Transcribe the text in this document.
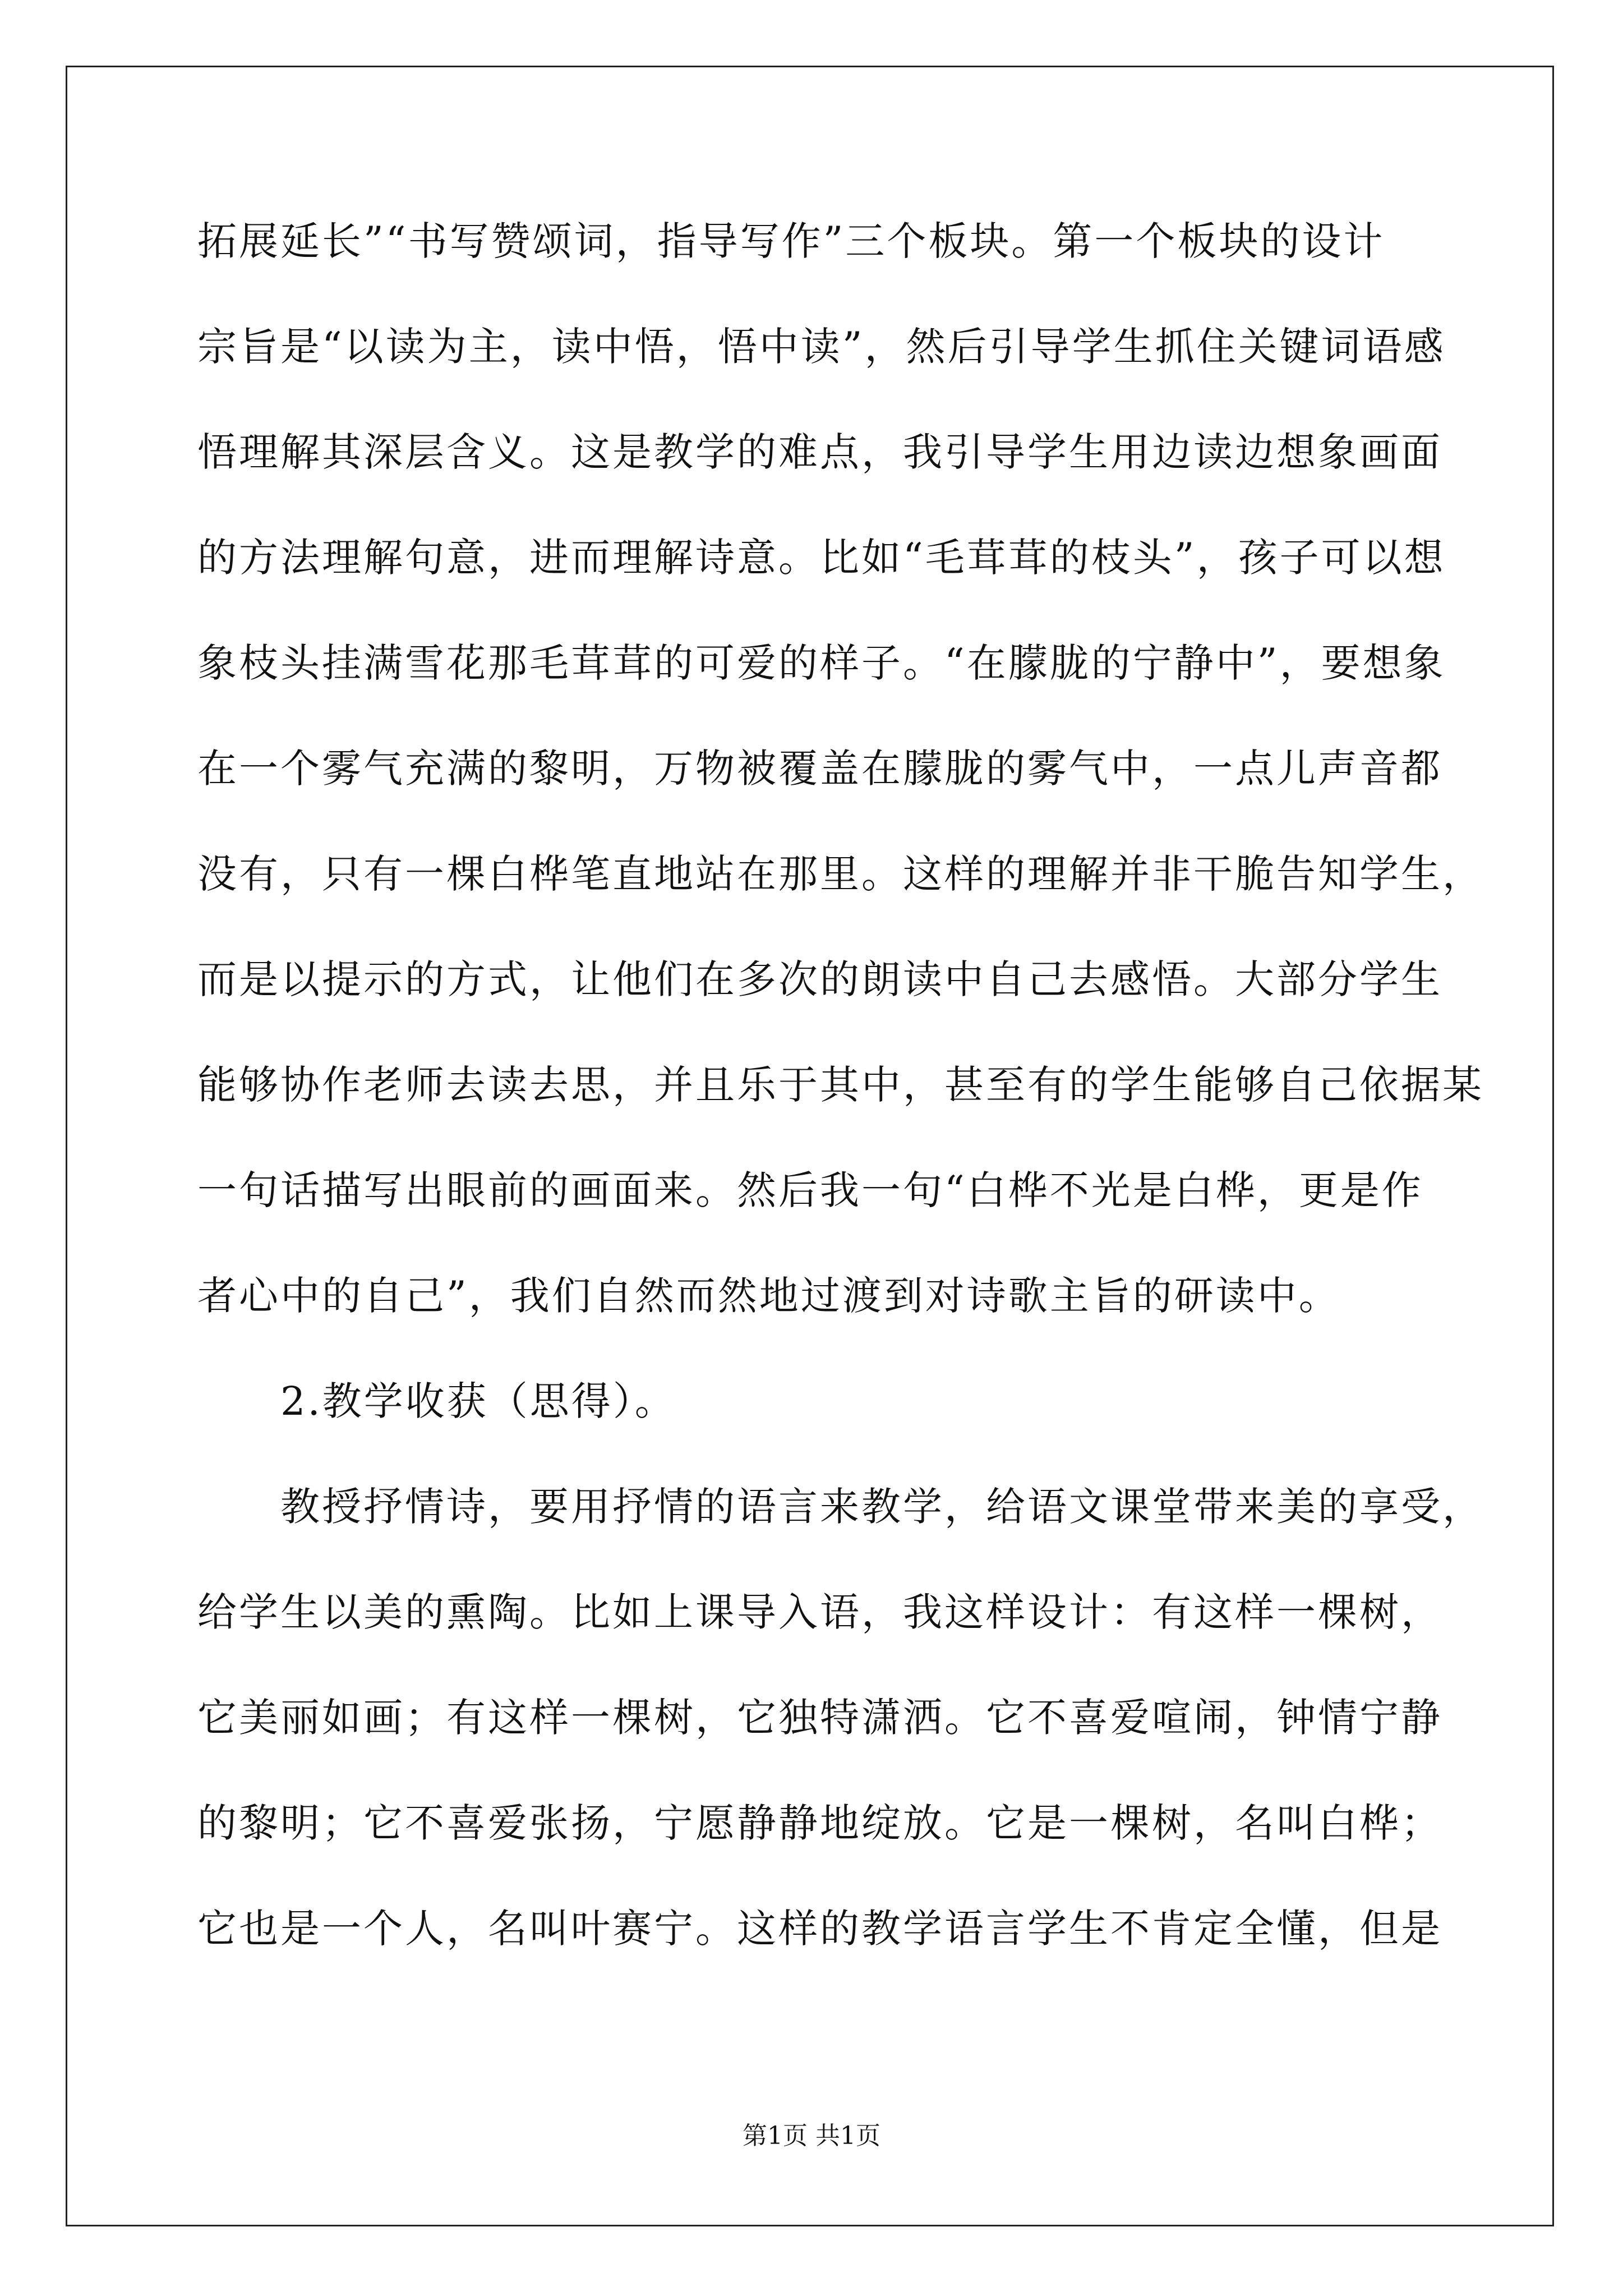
拓展延长”“书写赞颂词，指导写作”三个板块。第一个板块的设计
宗旨是“以读为主，读中悟，悟中读”，然后引导学生抓住关键词语感
悟理解其深层含义。这是教学的难点，我引导学生用边读边想象画面
的方法理解句意，进而理解诗意。比如“毛茸茸的枝头”，孩子可以想
象枝头挂满雪花那毛茸茸的可爱的样子。“在朦胧的宁静中”，要想象
在一个雾气充满的黎明，万物被覆盖在朦胧的雾气中，一点儿声音都
没有，只有一棵白桦笔直地站在那里。这样的理解并非干脆告知学生，
而是以提示的方式，让他们在多次的朗读中自己去感悟。大部分学生
能够协作老师去读去思，并且乐于其中，甚至有的学生能够自己依据某
一句话描写出眼前的画面来。然后我一句“白桦不光是白桦，更是作
者心中的自己”，我们自然而然地过渡到对诗歌主旨的研读中。
2.教学收获（思得）。
教授抒情诗，要用抒情的语言来教学，给语文课堂带来美的享受，
给学生以美的熏陶。比如上课导入语，我这样设计：有这样一棵树，
它美丽如画；有这样一棵树，它独特潇洒。它不喜爱喧闹，钟情宁静
的黎明；它不喜爱张扬，宁愿静静地绽放。它是一棵树，名叫白桦；
它也是一个人，名叫叶赛宁。这样的教学语言学生不肯定全懂，但是
第1页 共1页
